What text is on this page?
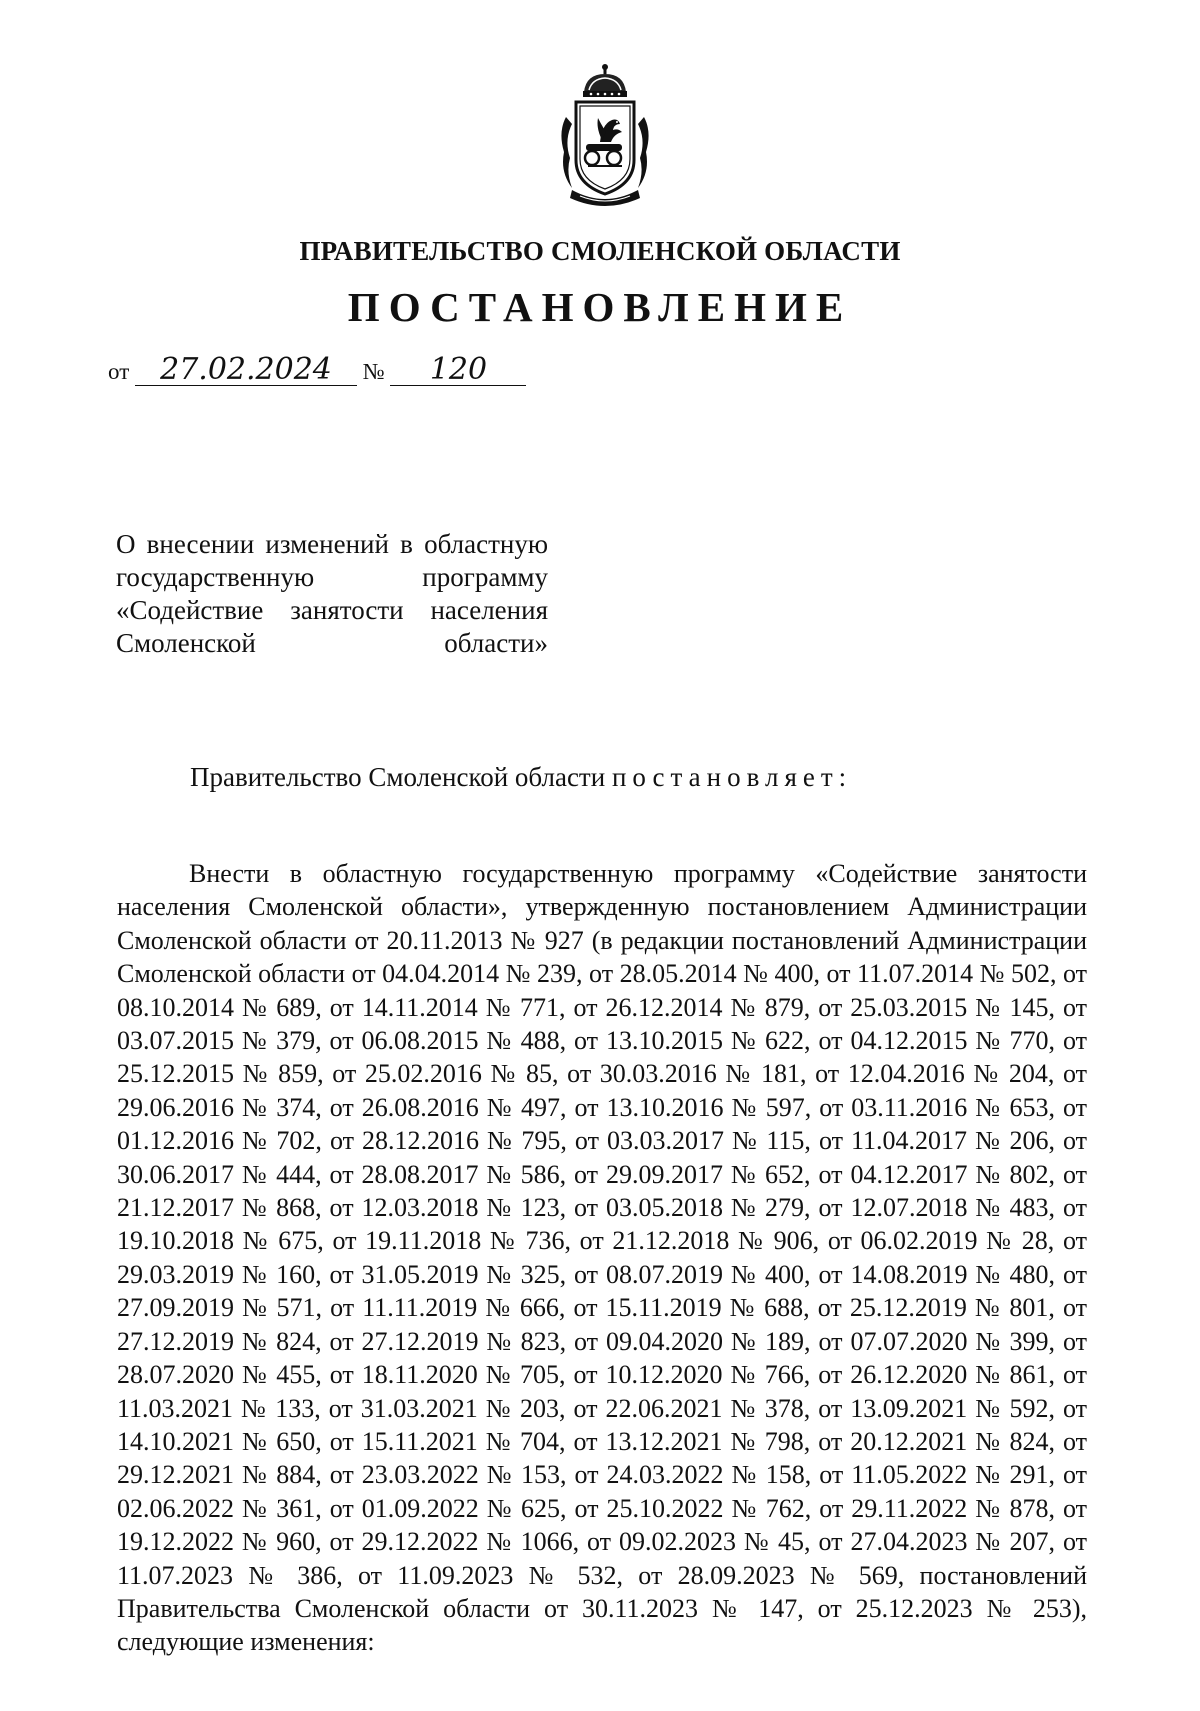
ПРАВИТЕЛЬСТВО СМОЛЕНСКОЙ ОБЛАСТИ
ПОСТАНОВЛЕНИЕ
от 27.02.2024 № 120
О внесении изменений в областную государственную программу «Содействие занятости населения Смоленской области»
Правительство Смоленской области постановляет:

Внести в областную государственную программу «Содействие занятости населения Смоленской области», утвержденную постановлением Администрации Смоленской области от 20.11.2013 № 927 (в редакции постановлений Администрации Смоленской области от 04.04.2014 № 239, от 28.05.2014 № 400, от 11.07.2014 № 502, от 08.10.2014 № 689, от 14.11.2014 № 771, от 26.12.2014 № 879, от 25.03.2015 № 145, от 03.07.2015 № 379, от 06.08.2015 № 488, от 13.10.2015 № 622, от 04.12.2015 № 770, от 25.12.2015 № 859, от 25.02.2016 № 85, от 30.03.2016 № 181, от 12.04.2016 № 204, от 29.06.2016 № 374, от 26.08.2016 № 497, от 13.10.2016 № 597, от 03.11.2016 № 653, от 01.12.2016 № 702, от 28.12.2016 № 795, от 03.03.2017 № 115, от 11.04.2017 № 206, от 30.06.2017 № 444, от 28.08.2017 № 586, от 29.09.2017 № 652, от 04.12.2017 № 802, от 21.12.2017 № 868, от 12.03.2018 № 123, от 03.05.2018 № 279, от 12.07.2018 № 483, от 19.10.2018 № 675, от 19.11.2018 № 736, от 21.12.2018 № 906, от 06.02.2019 № 28, от 29.03.2019 № 160, от 31.05.2019 № 325, от 08.07.2019 № 400, от 14.08.2019 № 480, от 27.09.2019 № 571, от 11.11.2019 № 666, от 15.11.2019 № 688, от 25.12.2019 № 801, от 27.12.2019 № 824, от 27.12.2019 № 823, от 09.04.2020 № 189, от 07.07.2020 № 399, от 28.07.2020 № 455, от 18.11.2020 № 705, от 10.12.2020 № 766, от 26.12.2020 № 861, от 11.03.2021 № 133, от 31.03.2021 № 203, от 22.06.2021 № 378, от 13.09.2021 № 592, от 14.10.2021 № 650, от 15.11.2021 № 704, от 13.12.2021 № 798, от 20.12.2021 № 824, от 29.12.2021 № 884, от 23.03.2022 № 153, от 24.03.2022 № 158, от 11.05.2022 № 291, от 02.06.2022 № 361, от 01.09.2022 № 625, от 25.10.2022 № 762, от 29.11.2022 № 878, от 19.12.2022 № 960, от 29.12.2022 № 1066, от 09.02.2023 № 45, от 27.04.2023 № 207, от 11.07.2023 № 386, от 11.09.2023 № 532, от 28.09.2023 № 569, постановлений Правительства Смоленской области от 30.11.2023 № 147, от 25.12.2023 № 253), следующие изменения:
